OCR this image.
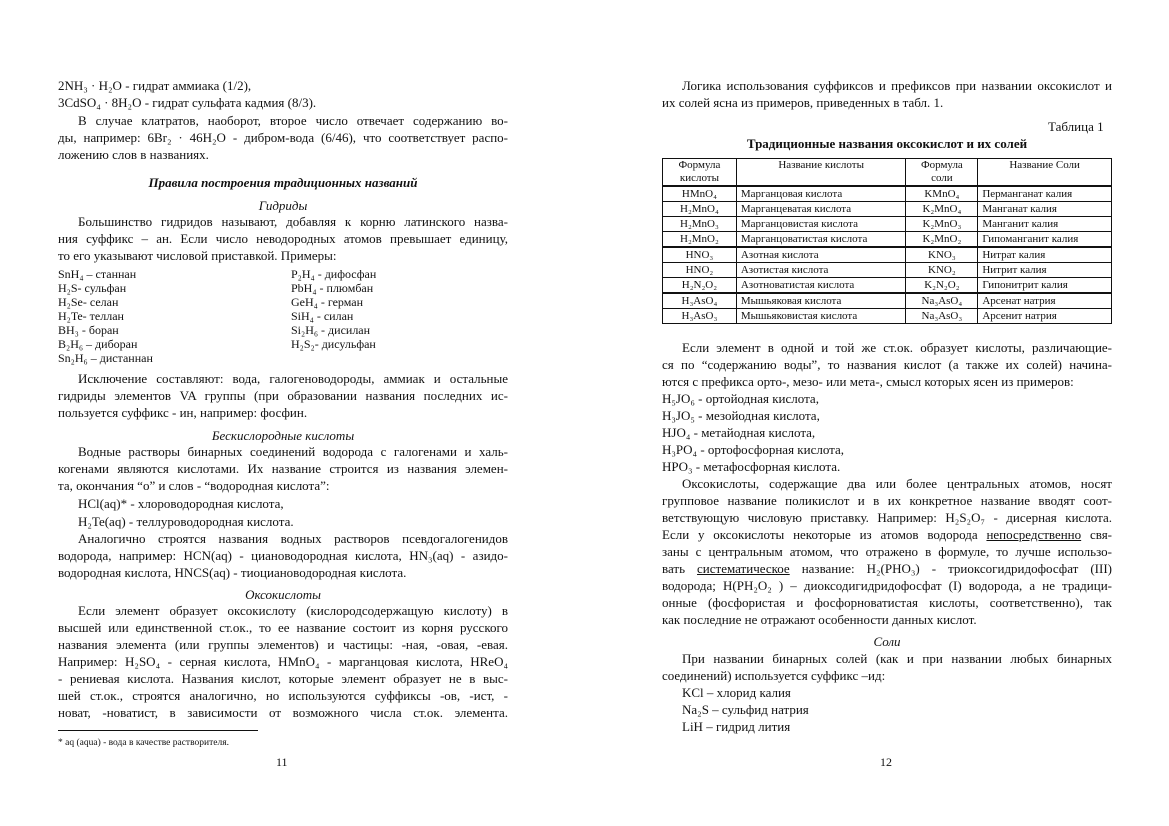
2NH₃ · H₂O - гидрат аммиака (1/2),
3CdSO₄ · 8H₂O - гидрат сульфата кадмия (8/3).
В случае клатратов, наоборот, второе число отвечает содержанию во-
ды, например: 6Br₂ · 46H₂O - дибром-вода (6/46), что соответствует распо-
ложению слов в названиях.
Правила построения традиционных названий
Гидриды
Большинство гидридов называют, добавляя к корню латинского назва-
ния суффикс – ан. Если число неводородных атомов превышает единицу,
то его указывают числовой приставкой. Примеры:
SnH₄ – станнан
H₂S- сульфан
H₂Se- селан
H₂Te- теллан
BH₃ - боран
B₂H₆ – диборан
Sn₂H₆ – дистаннан
P₂H₄ - дифосфан
PbH₄ - плюмбан
GeH₄ - герман
SiH₄ - силан
Si₂H₆ - дисилан
H₂S₂- дисульфан
Исключение составляют: вода, галогеноводороды, аммиак и остальные
гидриды элементов VA группы (при образовании названия последних ис-
пользуется суффикс - ин, например: фосфин.
Бескислородные кислоты
Водные растворы бинарных соединений водорода с галогенами и халь-
когенами являются кислотами. Их название строится из названия элемен-
та, окончания “о” и слов - “водородная кислота”:
HCl(aq)* - хлороводородная кислота,
H₂Te(aq) - теллуроводородная кислота.
Аналогично строятся названия водных растворов псевдогалогенидов
водорода, например: HCN(aq) - циановодородная кислота, HN₃(aq) - азидо-
водородная кислота, HNCS(aq) - тиоциановодородная кислота.
Оксокислоты
Если элемент образует оксокислоту (кислородсодержащую кислоту) в
высшей или единственной ст.ок., то ее название состоит из корня русского
названия элемента (или группы элементов) и частицы: -ная, -овая, -евая.
Например: H₂SO₄ - серная кислота, HMnO₄ - марганцовая кислота, HReO₄
- рениевая кислота. Названия кислот, которые элемент образует не в выс-
шей ст.ок., строятся аналогично, но используются суффиксы -ов, -ист, -
новат, -новатист, в зависимости от возможного числа ст.ок. элемента.
* aq (aqua) - вода в качестве растворителя.
11
Логика использования суффиксов и префиксов при названии оксокислот и
их солей ясна из примеров, приведенных в табл. 1.
Таблица 1
Традиционные названия оксокислот и их солей
Формула кислоты	Название кислоты	Формула соли	Название Соли
HMnO₄	Марганцовая кислота	KMnO₄	Перманганат калия
H₂MnO₄	Марганцеватая кислота	K₂MnO₄	Манганат калия
H₂MnO₃	Марганцовистая кислота	K₂MnO₃	Манганит калия
H₂MnO₂	Марганцоватистая кислота	K₂MnO₂	Гипоманганит калия
HNO₃	Азотная кислота	KNO₃	Нитрат калия
HNO₂	Азотистая кислота	KNO₂	Нитрит калия
H₂N₂O₂	Азотноватистая кислота	K₂N₂O₂	Гипонитрит калия
H₃AsO₄	Мышьяковая кислота	Na₃AsO₄	Арсенат натрия
H₃AsO₃	Мышьяковистая кислота	Na₃AsO₃	Арсенит натрия
Если элемент в одной и той же ст.ок. образует кислоты, различающие-
ся по “содержанию воды”, то названия кислот (а также их солей) начина-
ются с префикса орто-, мезо- или мета-, смысл которых ясен из примеров:
H₅JO₆ - ортойодная кислота,
H₃JO₅ - мезойодная кислота,
HJO₄ - метайодная кислота,
H₃PO₄ - ортофосфорная кислота,
HPO₃ - метафосфорная кислота.
Оксокислоты, содержащие два или более центральных атомов, носят
групповое название поликислот и в их конкретное название вводят соот-
ветствующую числовую приставку. Например: H₂S₂O₇ - дисерная кислота.
Если у оксокислоты некоторые из атомов водорода непосредственно свя-
заны с центральным атомом, что отражено в формуле, то лучше использо-
вать систематическое название: H₂(PHO₃) - триоксогидридофосфат (III)
водорода; H(PH₂O₂ ) – диоксодигидридофосфат (I) водорода, а не традици-
онные (фосфористая и фосфорноватистая кислоты, соответственно), так
как последние не отражают особенности данных кислот.
Соли
При названии бинарных солей (как и при названии любых бинарных
соединений) используется суффикс –ид:
KCl – хлорид калия
Na₂S – сульфид натрия
LiH – гидрид лития
12
